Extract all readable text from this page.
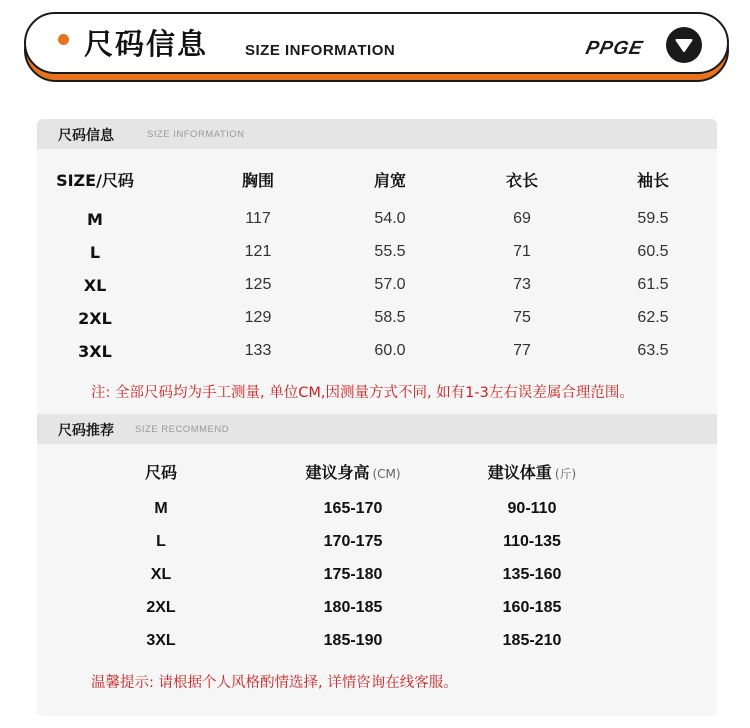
尺码信息 SIZE INFORMATION	PPGE
尺码信息	SIZE INFORMATION
SIZE/尺码	胸围	肩宽	衣长	袖长
M	117	54.0	69	59.5
L	121	55.5	71	60.5
XL	125	57.0	73	61.5
2XL	129	58.5	75	62.5
3XL	133	60.0	77	63.5
注: 全部尺码均为手工测量, 单位CM,因测量方式不同, 如有1-3左右误差属合理范围。
尺码推荐 SIZE RECOMMEND
尺码	建议身高 (CM)	建议体重 (斤)
M	165-170	90-110
L	170-175	110-135
XL	175-180	135-160
2XL	180-185	160-185
3XL	185-190	185-210
温馨提示: 请根据个人风格酌情选择, 详情咨询在线客服。
